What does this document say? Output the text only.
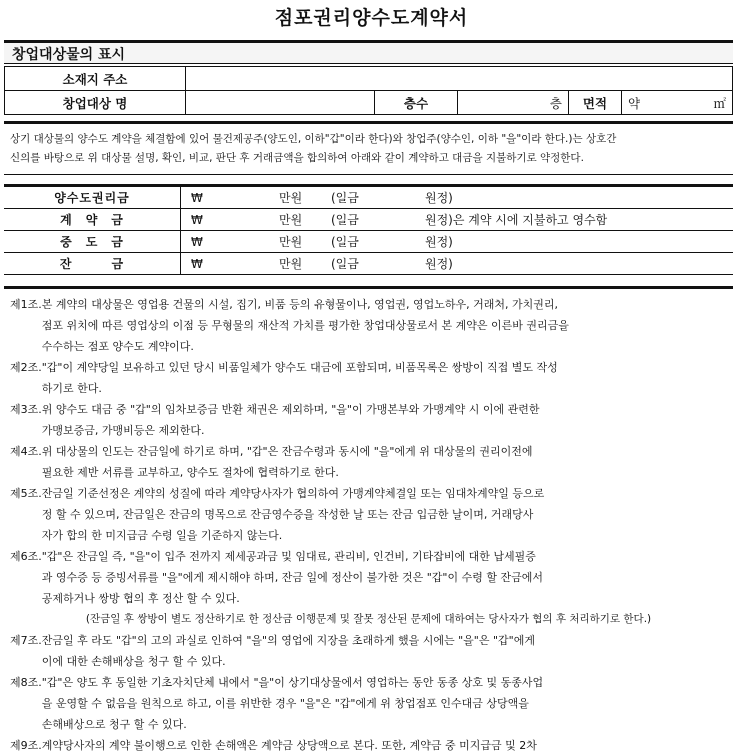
점포권리양수도계약서
창업대상물의 표시
소재지 주소						
창업대상 명		층수	층	면적	약	㎡
상기 대상물의 양수도 계약을 체결함에 있어 물건제공주(양도인, 이하"갑"이라 한다)와 창업주(양수인, 이하 "을"이라 한다.)는 상호간
신의를 바탕으로 위 대상물 설명, 확인, 비교, 판단 후 거래금액을 합의하여 아래와 같이 계약하고 대금을 지불하기로 약정한다.
양수도권리금	₩	만원	(일금	원정)
계　약　금	₩	만원	(일금	원정)은 계약 시에 지불하고 영수함
중　도　금	₩	만원	(일금	원정)
잔　　　금	₩	만원	(일금	원정)
제1조. 본 계약의 대상물은 영업용 건물의 시설, 집기, 비품 등의 유형물이나, 영업권, 영업노하우, 거래처, 가치권리,
점포 위치에 따른 영업상의 이점 등 무형물의 재산적 가치를 평가한 창업대상물로서 본 계약은 이른바 권리금을
수수하는 점포 양수도 계약이다.
제2조. "갑"이 계약당일 보유하고 있던 당시 비품일체가 양수도 대금에 포함되며, 비품목록은 쌍방이 직접 별도 작성
하기로 한다.
제3조. 위 양수도 대금 중 "갑"의 임차보증금 반환 채권은 제외하며, "을"이 가맹본부와 가맹계약 시 이에 관련한
가맹보증금, 가맹비등은 제외한다.
제4조. 위 대상물의 인도는 잔금일에 하기로 하며, "갑"은 잔금수령과 동시에 "을"에게 위 대상물의 권리이전에
필요한 제반 서류를 교부하고, 양수도 절차에 협력하기로 한다.
제5조. 잔금일 기준선정은 계약의 성질에 따라 계약당사자가 협의하여 가맹계약체결일 또는 임대차계약일 등으로
정 할 수 있으며, 잔금일은 잔금의 명목으로 잔금영수증을 작성한 날 또는 잔금 입금한 날이며, 거래당사
자가 합의 한 미지급금 수령 일을 기준하지 않는다.
제6조. "갑"은 잔금일 즉, "을"이 입주 전까지 제세공과금 및 임대료, 관리비, 인건비, 기타잡비에 대한 납세필증
과 영수증 등 증빙서류를 "을"에게 제시해야 하며, 잔금 일에 정산이 불가한 것은 "갑"이 수령 할 잔금에서
공제하거나 쌍방 협의 후 정산 할 수 있다.
(잔금일 후 쌍방이 별도 정산하기로 한 정산금 이행문제 및 잘못 정산된 문제에 대하여는 당사자가 협의 후 처리하기로 한다.)
제7조. 잔금일 후 라도 "갑"의 고의 과실로 인하여 "을"의 영업에 지장을 초래하게 했을 시에는 "을"은 "갑"에게
이에 대한 손해배상을 청구 할 수 있다.
제8조. "갑"은 양도 후 동일한 기초자치단체 내에서 "을"이 상기대상물에서 영업하는 동안 동종 상호 및 동종사업
을 운영할 수 없음을 원칙으로 하고, 이를 위반한 경우 "을"은 "갑"에게 위 창업점포 인수대금 상당액을
손해배상으로 청구 할 수 있다.
제9조. 계약당사자의 계약 불이행으로 인한 손해액은 계약금 상당액으로 본다. 또한, 계약금 중 미지급금 및 2차
